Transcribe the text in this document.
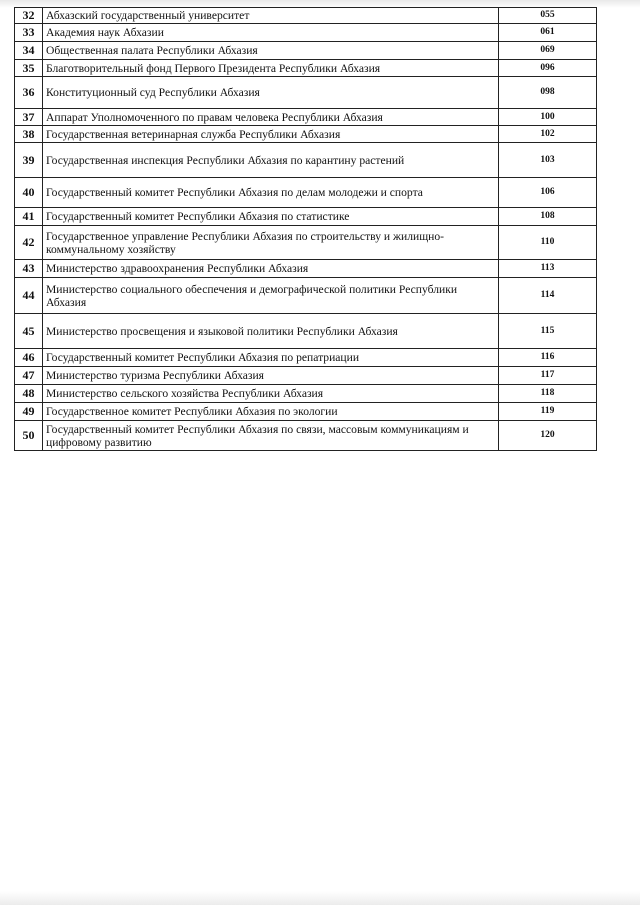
32	Абхазский государственный университет	055
33	Академия наук Абхазии	061
34	Общественная палата Республики Абхазия	069
35	Благотворительный фонд Первого Президента Республики Абхазия	096
36	Конституционный суд Республики Абхазия	098
37	Аппарат Уполномоченного по правам человека Республики Абхазия	100
38	Государственная ветеринарная служба Республики Абхазия	102
39	Государственная инспекция Республики Абхазия по карантину растений	103
40	Государственный комитет Республики Абхазия по делам молодежи и спорта	106
41	Государственный комитет Республики Абхазия по статистике	108
42	Государственное управление Республики Абхазия по строительству и жилищно-коммунальному хозяйству	110
43	Министерство здравоохранения Республики Абхазия	113
44	Министерство социального обеспечения и демографической политики Республики Абхазия	114
45	Министерство просвещения и языковой политики Республики Абхазия	115
46	Государственный комитет Республики Абхазия по репатриации	116
47	Министерство туризма Республики Абхазия	117
48	Министерство сельского хозяйства Республики Абхазия	118
49	Государственное комитет Республики Абхазия по экологии	119
50	Государственный комитет Республики Абхазия по связи, массовым коммуникациям и цифровому развитию	120
